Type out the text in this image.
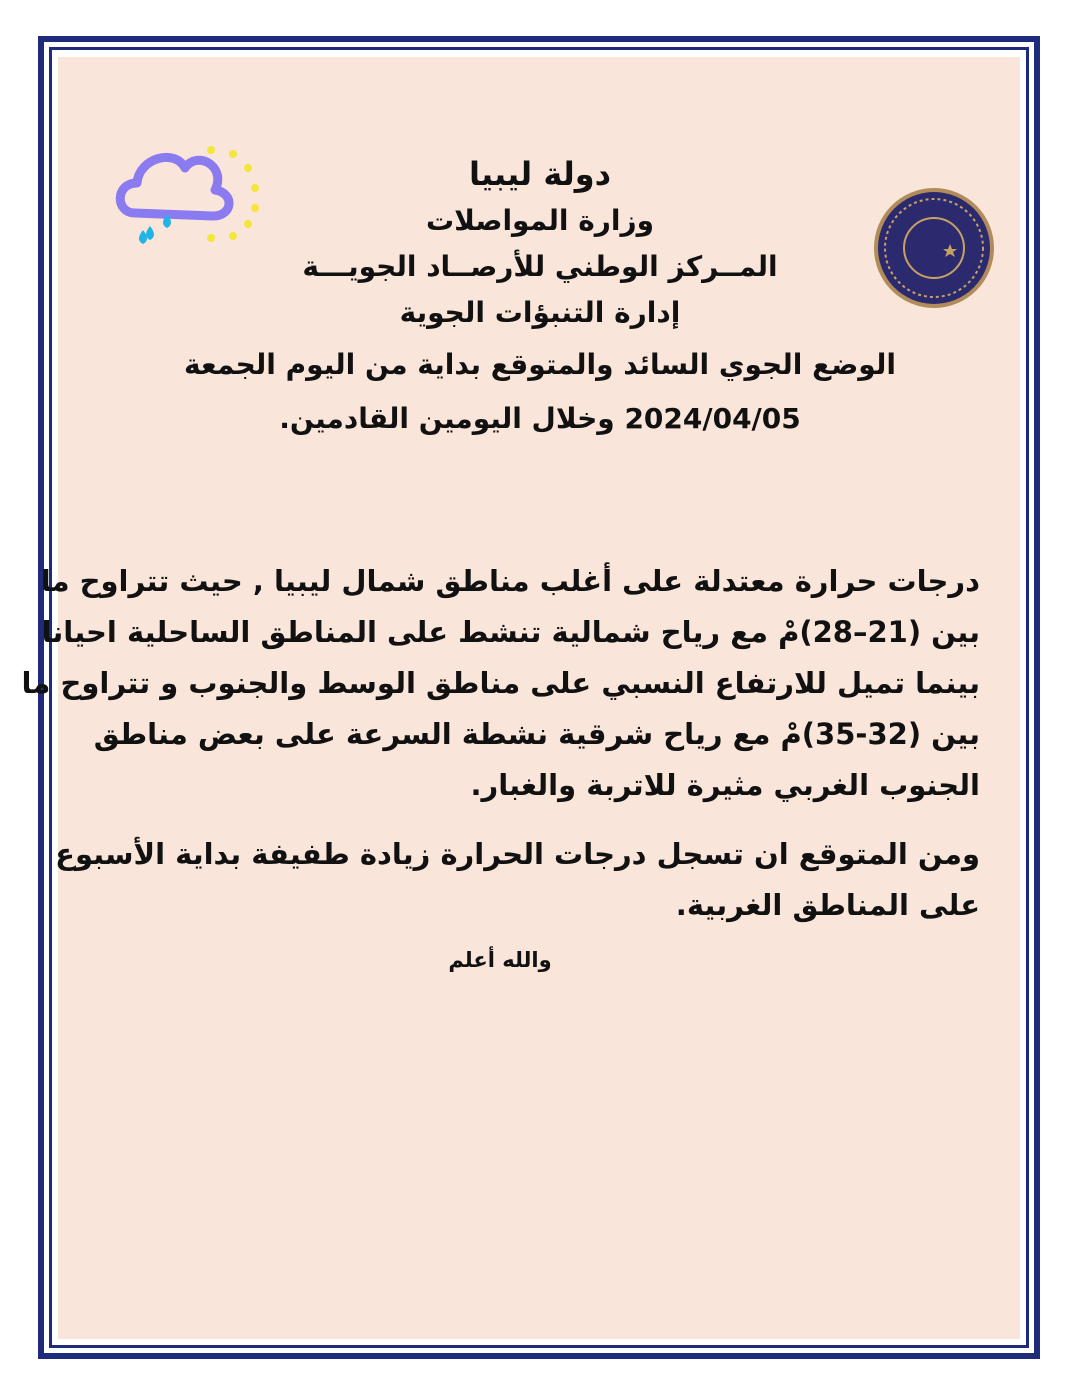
دولة ليبيا
وزارة المواصلات
المــركز الوطني للأرصــاد الجويـــة
إدارة التنبؤات الجوية
الوضع الجوي السائد والمتوقع بداية من اليوم الجمعة
2024/04/05 وخلال اليومين القادمين.
درجات حرارة معتدلة على أغلب مناطق شمال ليبيا , حيث تتراوح ما
بين (21–28)مْ مع رياح شمالية تنشط على المناطق الساحلية احيانا
بينما تميل للارتفاع النسبي على مناطق الوسط والجنوب و تتراوح ما
بين (32-35)مْ مع رياح شرقية نشطة السرعة على بعض مناطق
الجنوب الغربي مثيرة للاتربة والغبار.
ومن المتوقع ان تسجل درجات الحرارة زيادة طفيفة بداية الأسبوع
على المناطق الغربية.
والله أعلم
